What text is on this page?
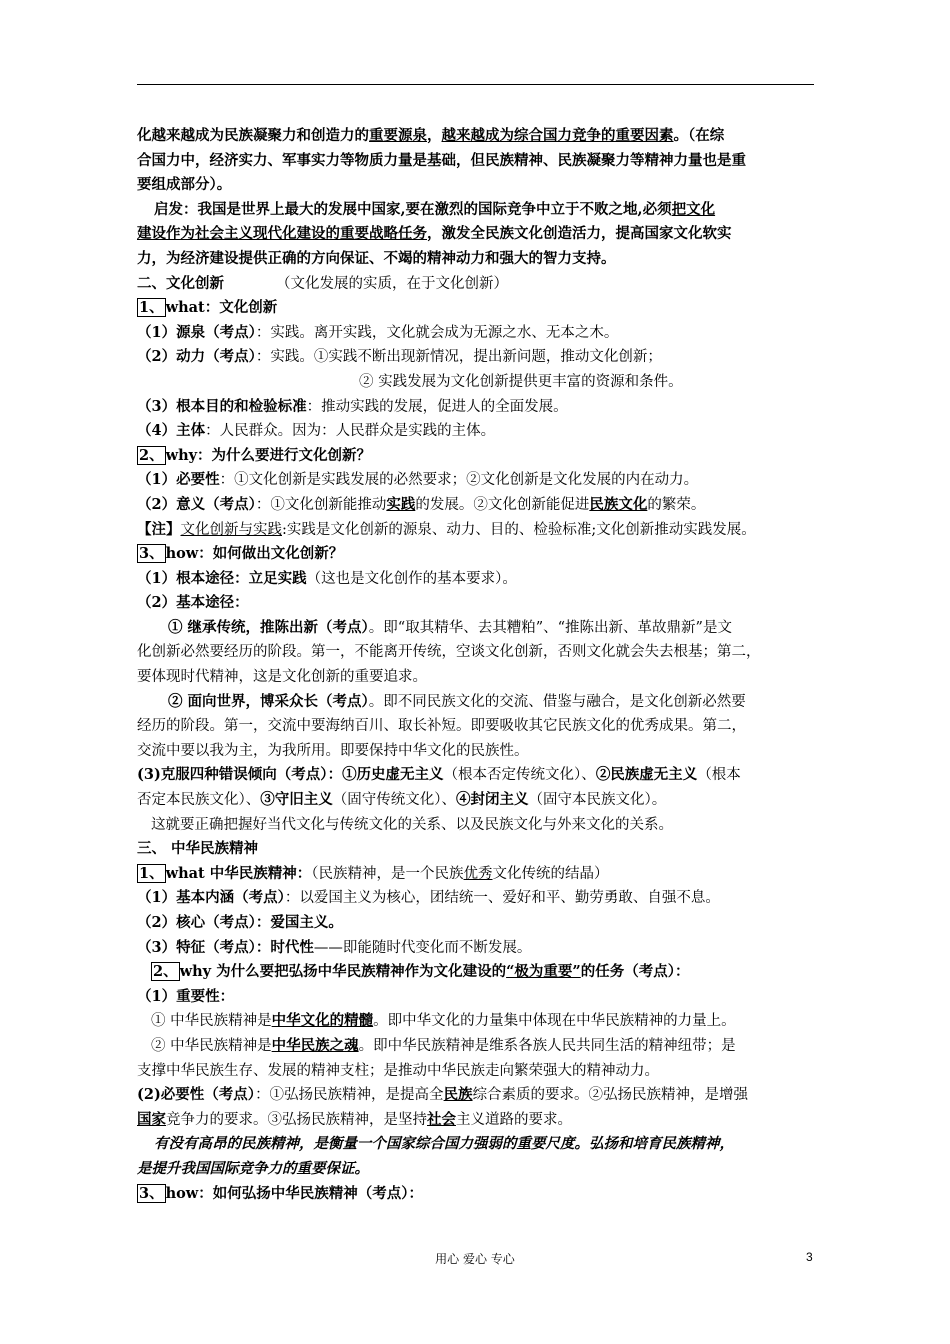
化越来越成为民族凝聚力和创造力的重要源泉，越来越成为综合国力竞争的重要因素。（在综
合国力中，经济实力、军事实力等物质力量是基础，但民族精神、民族凝聚力等精神力量也是重
要组成部分）。
启发：我国是世界上最大的发展中国家,要在激烈的国际竞争中立于不败之地,必须把文化
建设作为社会主义现代化建设的重要战略任务，激发全民族文化创造活力，提高国家文化软实
力，为经济建设提供正确的方向保证、不竭的精神动力和强大的智力支持。
二、文化创新	（文化发展的实质，在于文化创新）
1、 what：文化创新
（1）源泉（考点）：实践。离开实践，文化就会成为无源之水、无本之木。
（2）动力（考点）：实践。①实践不断出现新情况，提出新问题，推动文化创新；
② 实践发展为文化创新提供更丰富的资源和条件。
（3）根本目的和检验标准：推动实践的发展，促进人的全面发展。
（4）主体：人民群众。因为：人民群众是实践的主体。
2、 why：为什么要进行文化创新？
（1）必要性：①文化创新是实践发展的必然要求；②文化创新是文化发展的内在动力。
（2）意义（考点）：①文化创新能推动实践的发展。②文化创新能促进民族文化的繁荣。
【注】文化创新与实践:实践是文化创新的源泉、动力、目的、检验标准;文化创新推动实践发展。
3、 how：如何做出文化创新？
（1）根本途径：立足实践（这也是文化创作的基本要求）。
（2）基本途径：
① 继承传统，推陈出新（考点）。即“取其精华、去其糟粕”、“推陈出新、革故鼎新”是文
化创新必然要经历的阶段。第一，不能离开传统，空谈文化创新，否则文化就会失去根基；第二，
要体现时代精神，这是文化创新的重要追求。
② 面向世界，博采众长（考点）。即不同民族文化的交流、借鉴与融合，是文化创新必然要
经历的阶段。第一，交流中要海纳百川、取长补短。即要吸收其它民族文化的优秀成果。第二，
交流中要以我为主，为我所用。即要保持中华文化的民族性。
(3)克服四种错误倾向（考点）：①历史虚无主义（根本否定传统文化）、②民族虚无主义（根本
否定本民族文化）、③守旧主义（固守传统文化）、④封闭主义（固守本民族文化）。
这就要正确把握好当代文化与传统文化的关系、以及民族文化与外来文化的关系。
三、 中华民族精神
1、 what 中华民族精神：（民族精神，是一个民族优秀文化传统的结晶）
（1）基本内涵（考点）：以爱国主义为核心，团结统一、爱好和平、勤劳勇敢、自强不息。
（2）核心（考点）：爱国主义。
（3）特征（考点）：时代性——即能随时代变化而不断发展。
2、 why 为什么要把弘扬中华民族精神作为文化建设的“极为重要”的任务（考点）：
（1）重要性：
① 中华民族精神是中华文化的精髓。即中华文化的力量集中体现在中华民族精神的力量上。
② 中华民族精神是中华民族之魂。即中华民族精神是维系各族人民共同生活的精神纽带；是
支撑中华民族生存、发展的精神支柱；是推动中华民族走向繁荣强大的精神动力。
(2)必要性（考点）：①弘扬民族精神，是提高全民族综合素质的要求。②弘扬民族精神，是增强
国家竞争力的要求。③弘扬民族精神，是坚持社会主义道路的要求。
有没有高昂的民族精神，是衡量一个国家综合国力强弱的重要尺度。弘扬和培育民族精神，
是提升我国国际竞争力的重要保证。
3、 how：如何弘扬中华民族精神（考点）：
用心 爱心 专心	3
